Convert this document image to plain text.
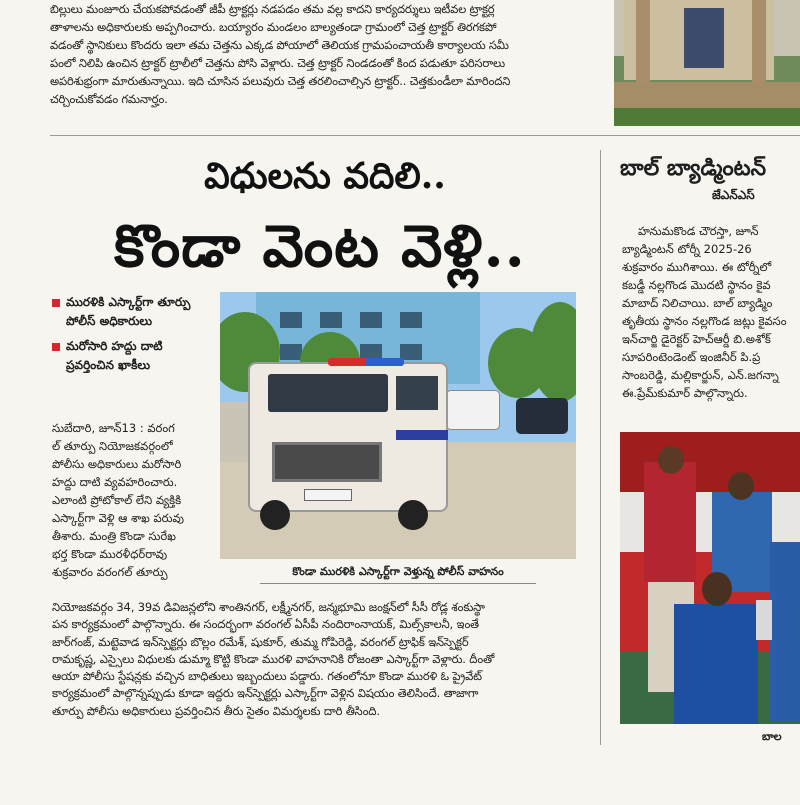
బిల్లులు మంజూరు చేయకపోవడంతో జీపీ ట్రాక్టర్లు నడపడం తమ వల్ల కాదని కార్యదర్శులు ఇటీవల ట్రాక్టర్ల

తాళాలను అధికారులకు అప్పగించారు. బయ్యారం మండలం బాల్యతండా గ్రామంలో చెత్త ట్రాక్టర్ తిరగకపో

వడంతో స్థానికులు కొందరు ఇలా తమ చెత్తను ఎక్కడ పోయాలో తెలియక గ్రామపంచాయతీ కార్యాలయ సమీ

పంలో నిలిపి ఉంచిన ట్రాక్టర్ ట్రాలీలో చెత్తను పోసి వెళ్లారు. చెత్త ట్రాక్టర్ నిండడంతో కింద పడుతూ పరిసరాలు

అపరిశుభ్రంగా మారుతున్నాయి. ఇది చూసిన పలువురు చెత్త తరలించాల్సిన ట్రాక్టర్.. చెత్తకుండీలా మారిందని

చర్చించుకోవడం గమనార్హం.

విధులను వదిలి..
కొండా వెంట వెళ్లి..
మురళికి ఎస్కార్ట్‌గా తూర్పు పోలీస్ అధికారులు
మరోసారి హద్దు దాటి ప్రవర్తించిన ఖాకీలు

సుబేదారి, జూన్13 : వరంగ

ల్ తూర్పు నియోజకవర్గంలో

పోలీసు అధికారులు మరోసారి

హద్దు దాటి వ్యవహరించారు.

ఎలాంటి ప్రోటోకాల్ లేని వ్యక్తికి

ఎస్కార్ట్‌గా వెళ్లి ఆ శాఖ పరువు

తీశారు. మంత్రి కొండా సురేఖ

భర్త కొండా మురళీధర్‌రావు

శుక్రవారం వరంగల్ తూర్పు	కొండా మురళికి ఎస్కార్ట్‌గా వెళ్తున్న పోలీస్ వాహనం

నియోజకవర్గం 34, 39వ డివిజన్లలోని శాంతినగర్, లక్ష్మీనగర్, జన్మభూమి జంక్షన్‌లో సీసీ రోడ్ల శంకుస్థా

పన కార్యక్రమంలో పాల్గొన్నారు. ఈ సందర్భంగా వరంగల్ ఏసీపీ నందిరాంనాయక్, మిల్స్‌కాలనీ, ఇంతే

జార్‌గంజ్, మట్టెవాడ ఇన్‌స్పెక్టర్లు బొల్లం రమేశ్, షుకూర్, తుమ్మ గోపిరెడ్డి, వరంగల్ ట్రాఫిక్ ఇన్‌స్పెక్టర్

రామకృష్ణ, ఎస్సైలు విధులకు డుమ్మా కొట్టి కొండా మురళి వాహనానికి రోజంతా ఎస్కార్ట్‌గా వెళ్లారు. దీంతో

ఆయా పోలీసు స్టేషన్లకు వచ్చిన బాధితులు ఇబ్బందులు పడ్డారు. గతంలోనూ కొండా మురళి ఓ ప్రైవేట్

కార్యక్రమంలో పాల్గొన్నప్పుడు కూడా ఇద్దరు ఇన్‌స్పెక్టర్లు ఎస్కార్ట్‌గా వెళ్లిన విషయం తెలిసిందే. తాజాగా

తూర్పు పోలీసు అధికారులు ప్రవర్తించిన తీరు సైతం విమర్శలకు దారి తీసింది.

బాల్ బ్యాడ్మింటన్
జేఎన్‌ఎస్

హనుమకొండ చౌరస్తా, జూన్

బ్యాడ్మింటన్ టోర్నీ 2025-26

శుక్రవారం ముగిశాయి. ఈ టోర్నీలో

కబడ్డీ నల్లగొండ మొదటి స్థానం కైవ

మాబాద్ నిలిచాయి. బాల్ బ్యాడ్మిం

తృతీయ స్థానం నల్లగొండ జట్లు కైవసం

ఇన్‌చార్జి డైరెక్టర్ హెచ్‌ఆర్డీ బి.అశోక్

సూపరింటెండెంట్ ఇంజినీర్ పి.ప్ర

సాంబరెడ్డి, మల్లికార్జున్, ఎన్.జగన్నా

ఈ.ప్రేమ్‌కుమార్ పాల్గొన్నారు.

బాల
